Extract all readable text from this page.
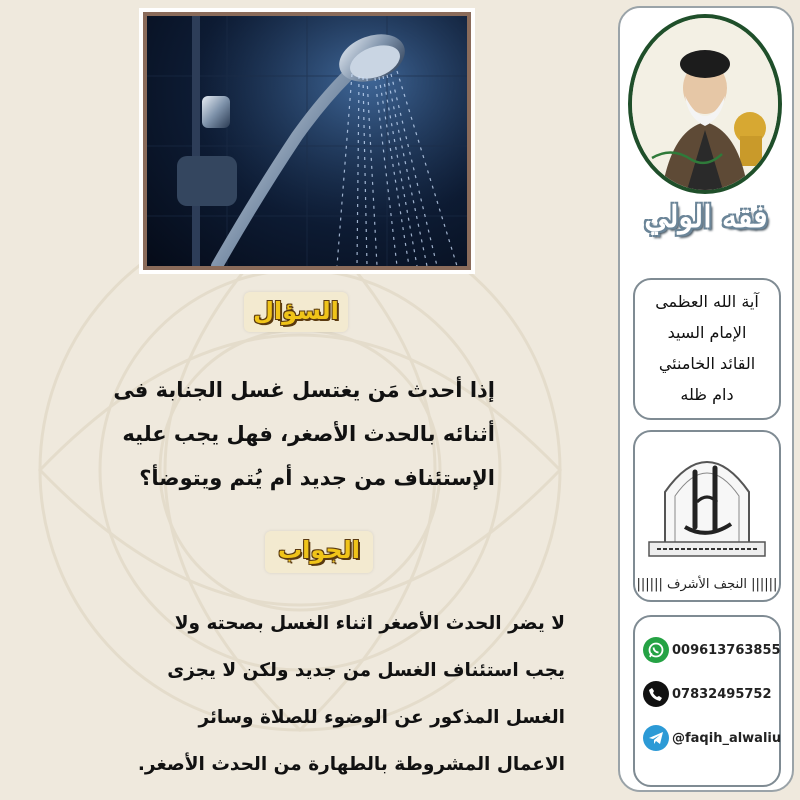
السؤال
إذا أحدث مَن يغتسل غسل الجنابة فى
أثنائه بالحدث الأصغر، فهل يجب عليه
الإستئناف من جديد أم يُتم ويتوضأ؟
الجواب
لا يضر الحدث الأصغر اثناء الغسل بصحته ولا
يجب استئناف الغسل من جديد ولكن لا يجزى
الغسل المذكور عن الوضوء للصلاة وسائر
الاعمال المشروطة بالطهارة من الحدث الأصغر.
فقه الولي
آية الله العظمى
الإمام السيد
القائد الخامنئي
دام ظله
|||||| النجف الأشرف ||||||
009613763855
07832495752
@faqih_alwaliu
